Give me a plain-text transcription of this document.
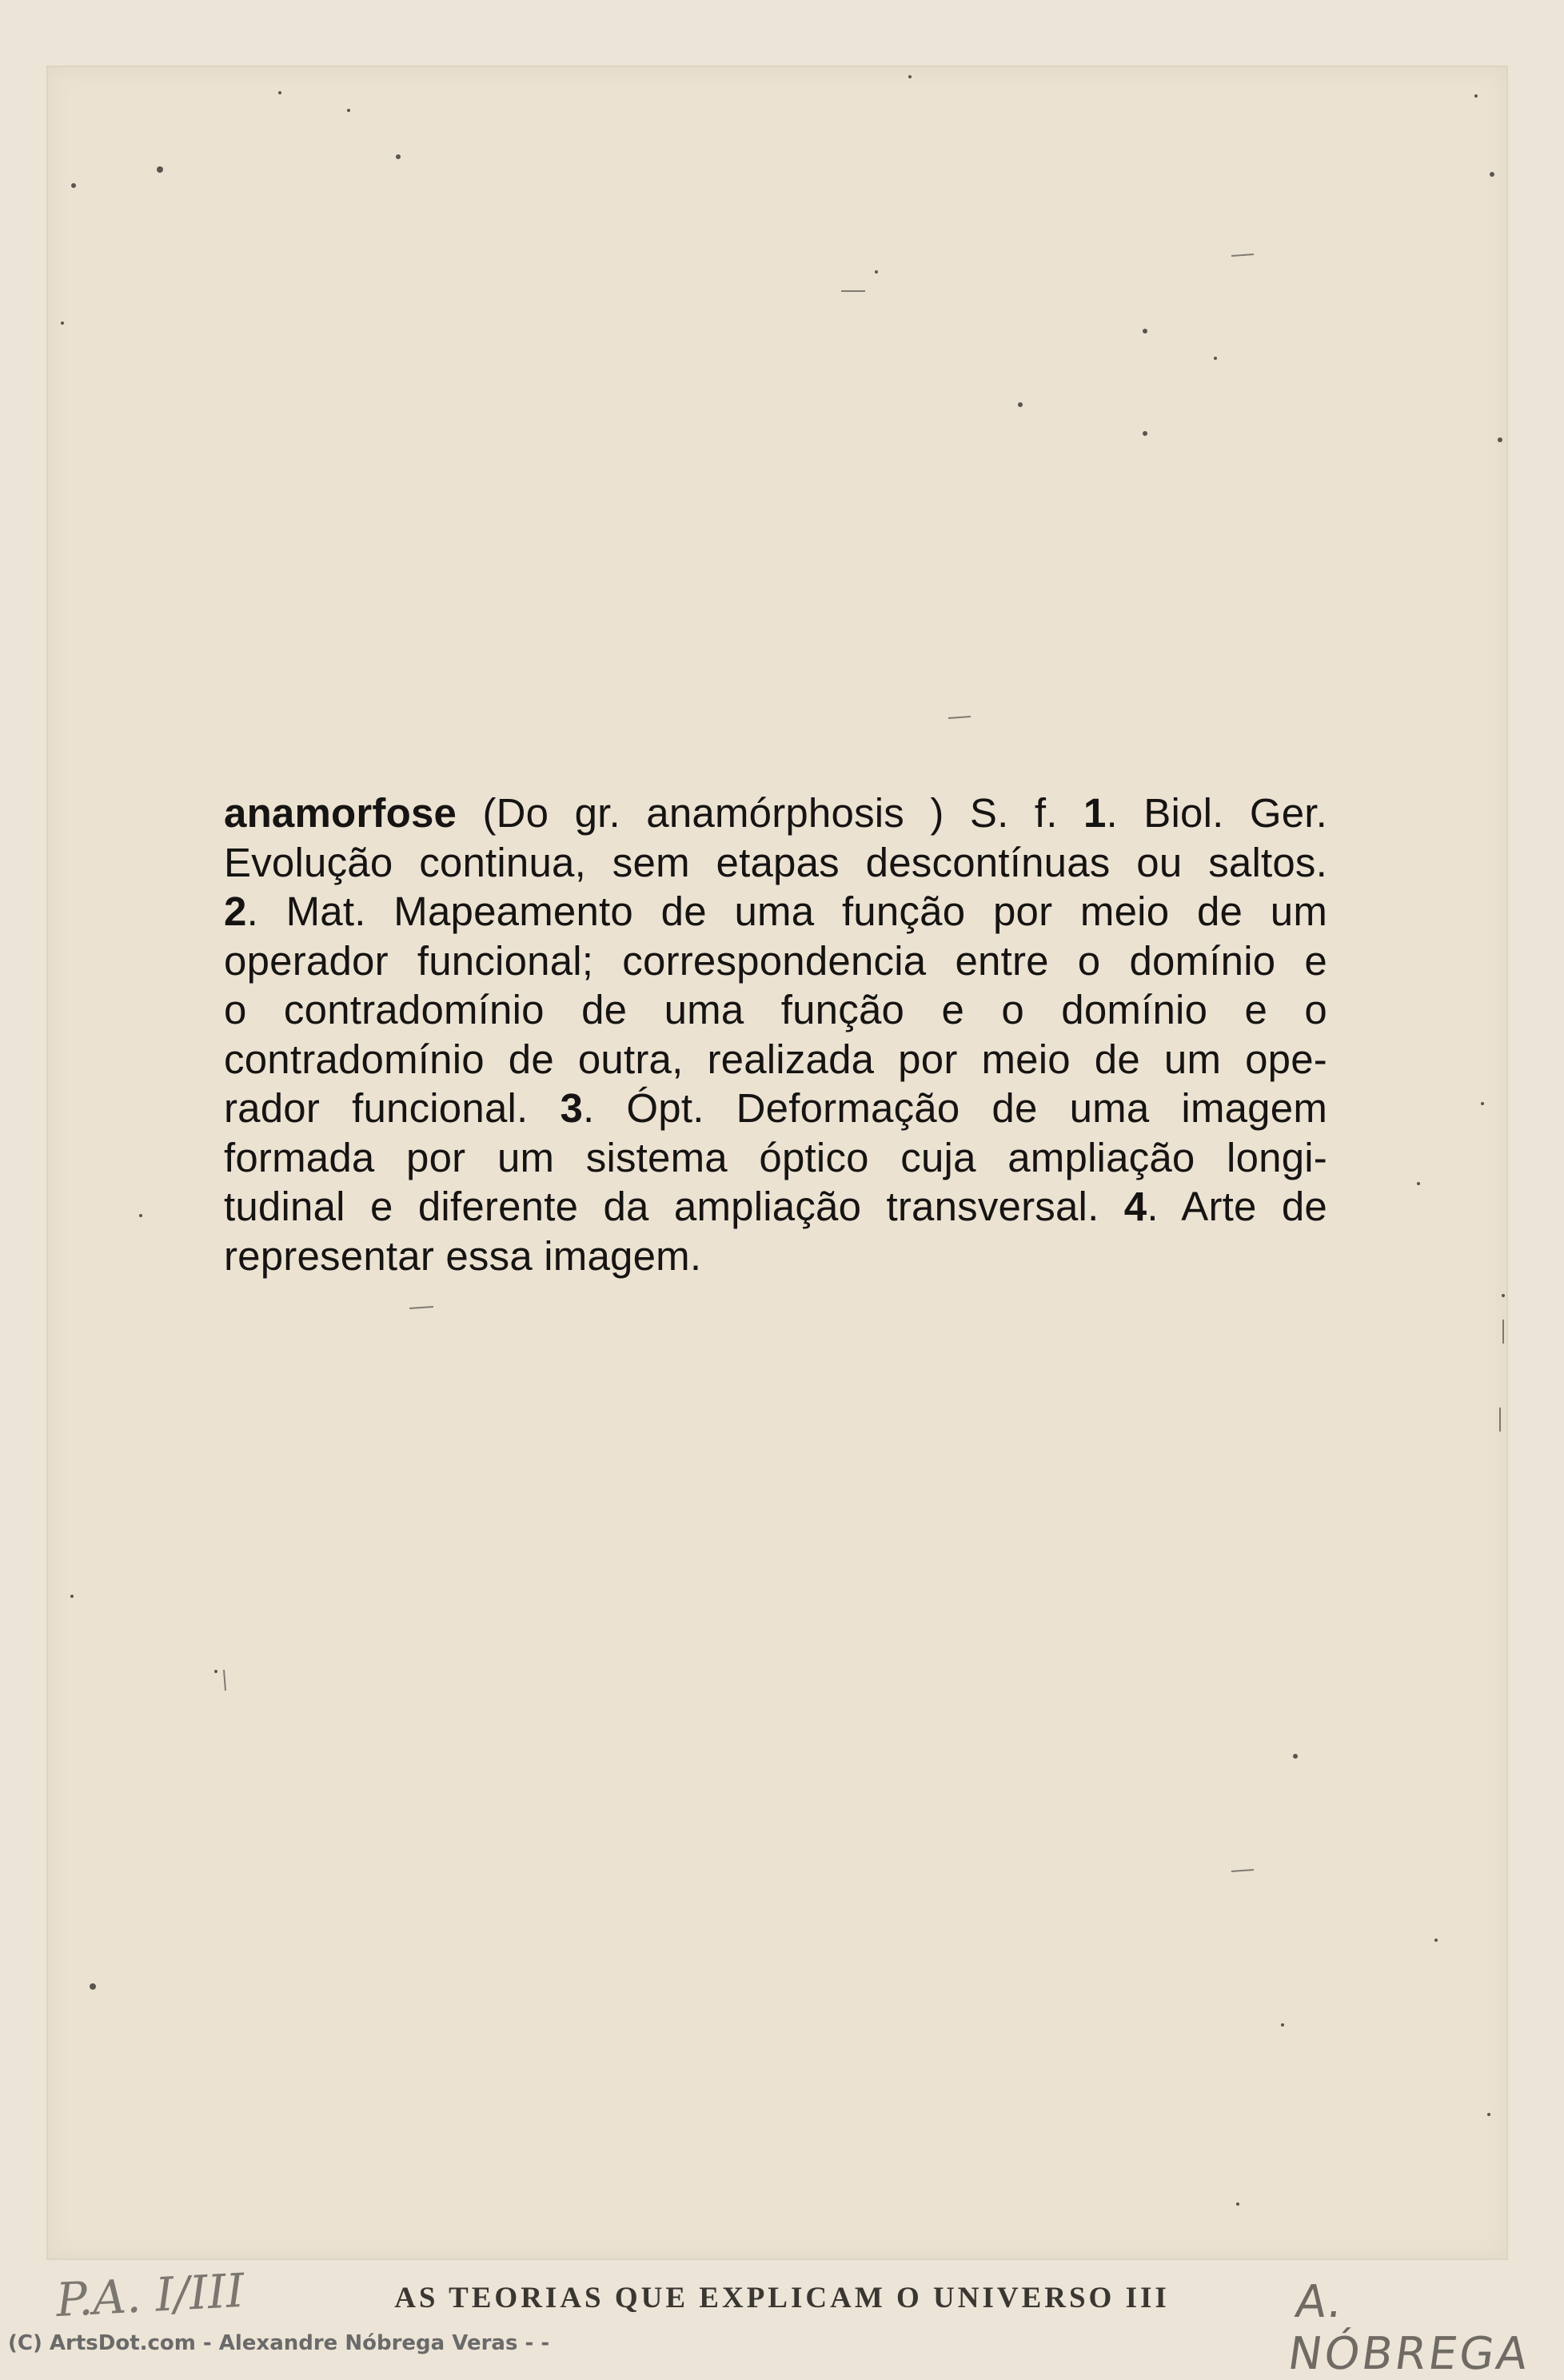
anamorfose (Do gr. anamórphosis ) S. f. 1. Biol. Ger.
Evolução continua, sem etapas descontínuas ou saltos.
2. Mat. Mapeamento de uma função por meio de um
operador funcional; correspondencia entre o domínio e
o contradomínio de uma função e o domínio e o
contradomínio de outra, realizada por meio de um ope-
rador funcional. 3. Ópt. Deformação de uma imagem
formada por um sistema óptico cuja ampliação longi-
tudinal e diferente da ampliação transversal. 4. Arte de
representar essa imagem.
P.A. I/III	AS TEORIAS QUE EXPLICAM O UNIVERSO III	A. NÓBREGA
(C) ArtsDot.com - Alexandre Nóbrega Veras - -
